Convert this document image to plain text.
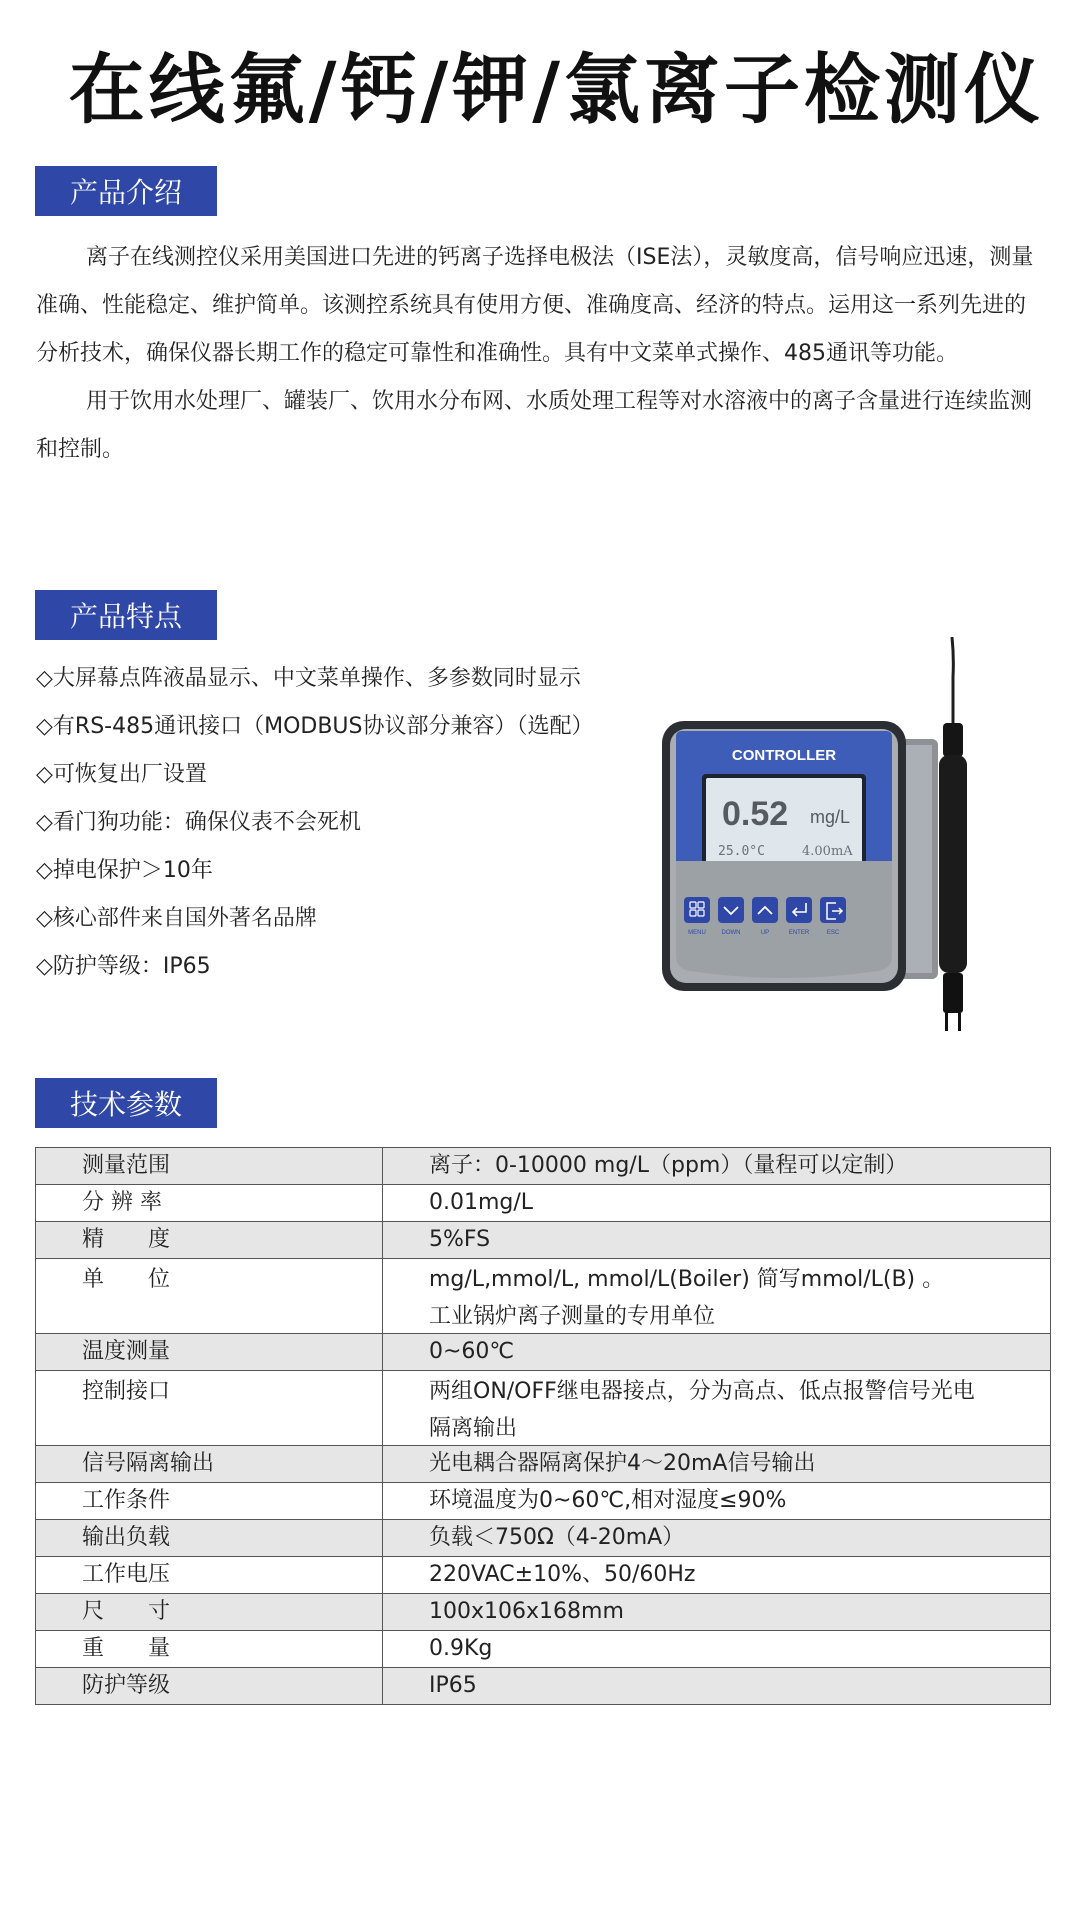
在线氟/钙/钾/氯离子检测仪
产品介绍

离子在线测控仪采用美国进口先进的钙离子选择电极法（ISE法），灵敏度高，信号响应迅速，测量准确、性能稳定、维护简单。该测控系统具有使用方便、准确度高、经济的特点。运用这一系列先进的分析技术，确保仪器长期工作的稳定可靠性和准确性。具有中文菜单式操作、485通讯等功能。

用于饮用水处理厂、罐装厂、饮用水分布网、水质处理工程等对水溶液中的离子含量进行连续监测和控制。

产品特点
◇大屏幕点阵液晶显示、中文菜单操作、多参数同时显示
◇有RS-485通讯接口（MODBUS协议部分兼容）（选配）
◇可恢复出厂设置
◇看门狗功能：确保仪表不会死机
◇掉电保护＞10年
◇核心部件来自国外著名品牌
◇防护等级：IP65
CONTROLLER
0.52 mg/L
25.0°C	4.00mA
MENU	DOWN	UP	ENTER	ESC
技术参数
测量范围	离子：0-10000 mg/L（ppm）（量程可以定制）

分 辨 率	0.01mg/L

精　　度	5%FS

单　　位	mg/L,mmol/L, mmol/L(Boiler) 简写mmol/L(B) 。
工业锅炉离子测量的专用单位

温度测量	0~60℃

控制接口	两组ON/OFF继电器接点，分为高点、低点报警信号光电
隔离输出

信号隔离输出	光电耦合器隔离保护4～20mA信号输出

工作条件	环境温度为0~60℃,相对湿度≤90%

输出负载	负载＜750Ω（4-20mA）

工作电压	220VAC±10%、50/60Hz

尺　　寸	100x106x168mm

重　　量	0.9Kg

防护等级	IP65
